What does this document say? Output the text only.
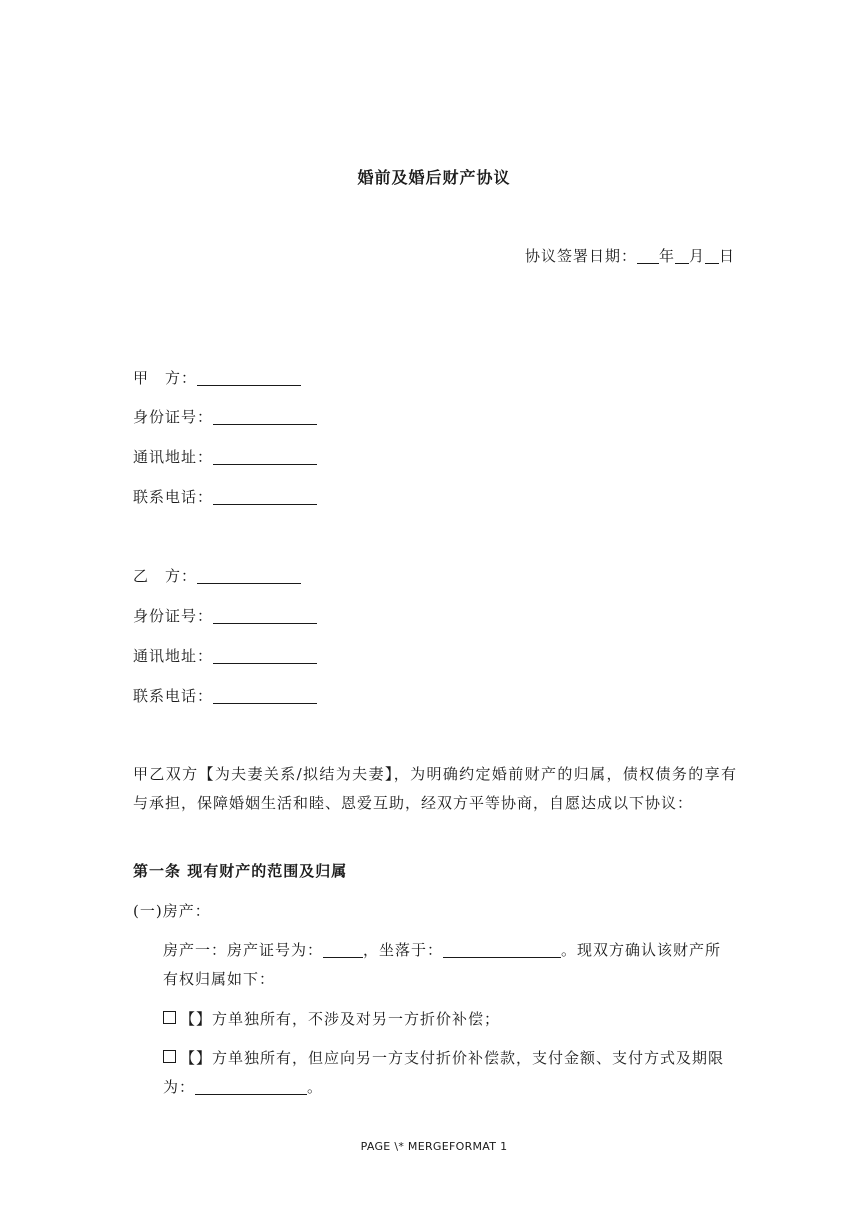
婚前及婚后财产协议
协议签署日期： 年 月 日
甲　方：
身份证号：
通讯地址：
联系电话：
乙　方：
身份证号：
通讯地址：
联系电话：
甲乙双方【为夫妻关系/拟结为夫妻】，为明确约定婚前财产的归属，债权债务的享有与承担，保障婚姻生活和睦、恩爱互助，经双方平等协商，自愿达成以下协议：
第一条 现有财产的范围及归属
(一)房产：
房产一：房产证号为：	，坐落于：	。现双方确认该财产所有权归属如下：
【】方单独所有，不涉及对另一方折价补偿；
【】方单独所有，但应向另一方支付折价补偿款，支付金额、支付方式及期限为：	。
PAGE \* MERGEFORMAT 1
